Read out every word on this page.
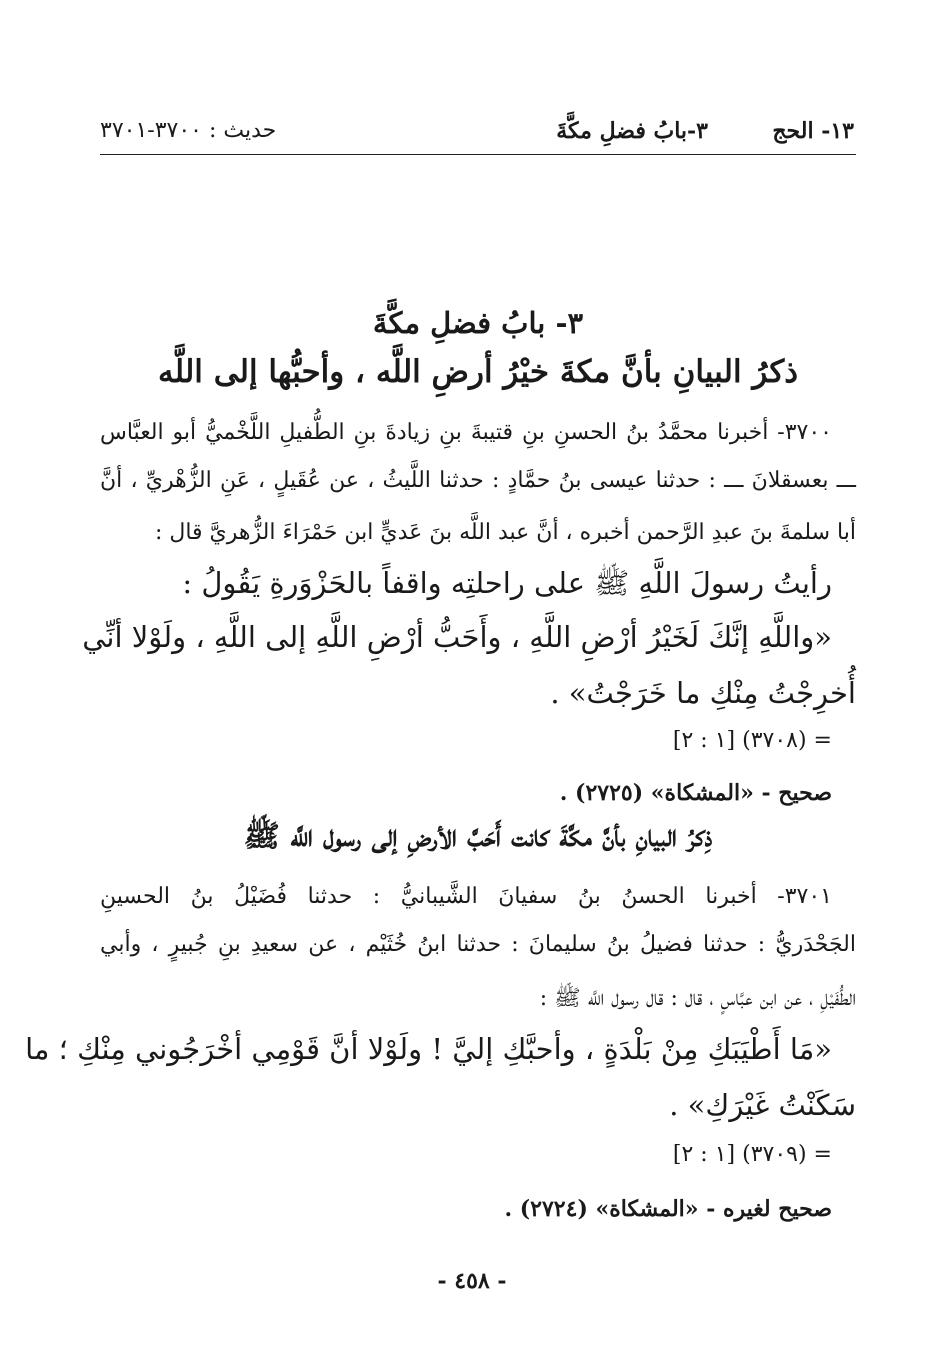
١٣- الحج
٣-بابُ فضلِ مكَّةَ
حديث : ٣٧٠٠-٣٧٠١
٣- بابُ فضلِ مكَّةَ
ذكرُ البيانِ بأنَّ مكةَ خيْرُ أرضِ اللَّه ، وأحبُّها إلى اللَّه
٣٧٠٠- أخبرنا محمَّدُ بنُ الحسنِ بنِ قتيبةَ بنِ زيادةَ بنِ الطُّفيلِ اللَّخْميُّ أبو العبَّاس
ـــ بعسقلانَ ـــ : حدثنا عيسى بنُ حمَّادٍ : حدثنا اللَّيثُ ، عن عُقَيلٍ ، عَنِ الزُّهْريِّ ، أنَّ
أبا سلمةَ بنَ عبدِ الرَّحمن أخبره ، أنَّ عبد اللَّه بنَ عَديٍّ ابن حَمْرَاءَ الزُّهريَّ قال :
رأيتُ رسولَ اللَّهِ ﷺ على راحلتِه واقفاً بالحَزْوَرةِ يَقُولُ :
«واللَّهِ إنَّكَ لَخَيْرُ أرْضِ اللَّهِ ، وأَحَبُّ أرْضِ اللَّهِ إلى اللَّهِ ، ولَوْلا أنِّي
أُخرِجْتُ مِنْكِ ما خَرَجْتُ» .
= (٣٧٠٨) [١ : ٢]
صحيح - «المشكاة» (٢٧٢٥) .
ذِكرُ البيانِ بأنَّ مكَّةَ كانت أَحَبَّ الأرضِ إلى رسول اللَّه ﷺ
٣٧٠١- أخبرنا الحسنُ بنُ سفيانَ الشَّيبانيُّ : حدثنا فُضَيْلُ بنُ الحسينِ
الجَحْدَريُّ : حدثنا فضيلُ بنُ سليمانَ : حدثنا ابنُ خُثَيْم ، عن سعيدِ بنِ جُبيرٍ ، وأبي
الطُّفَيْلِ ، عن ابن عبَّاسٍ ، قال : قال رسول اللَّه ﷺ :
«مَا أَطْيَبَكِ مِنْ بَلْدَةٍ ، وأحبَّكِ إليَّ ! ولَوْلا أنَّ قَوْمِي أخْرَجُوني مِنْكِ ؛ ما
سَكَنْتُ غَيْرَكِ» .
= (٣٧٠٩) [١ : ٢]
صحيح لغيره - «المشكاة» (٢٧٢٤) .
- ٤٥٨ -
